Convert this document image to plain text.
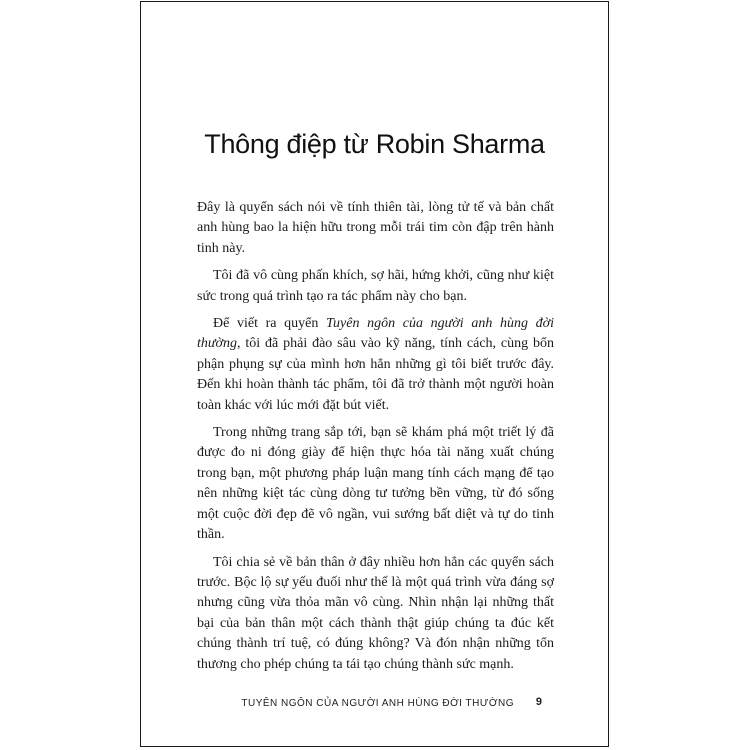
Thông điệp từ Robin Sharma

Đây là quyển sách nói về tính thiên tài, lòng tử tế và bản chất anh hùng bao la hiện hữu trong mỗi trái tim còn đập trên hành tinh này.

Tôi đã vô cùng phấn khích, sợ hãi, hứng khởi, cũng như kiệt sức trong quá trình tạo ra tác phẩm này cho bạn.

Để viết ra quyển Tuyên ngôn của người anh hùng đời thường, tôi đã phải đào sâu vào kỹ năng, tính cách, cùng bổn phận phụng sự của mình hơn hẳn những gì tôi biết trước đây. Đến khi hoàn thành tác phẩm, tôi đã trở thành một người hoàn toàn khác với lúc mới đặt bút viết.

Trong những trang sắp tới, bạn sẽ khám phá một triết lý đã được đo ni đóng giày để hiện thực hóa tài năng xuất chúng trong bạn, một phương pháp luận mang tính cách mạng để tạo nên những kiệt tác cùng dòng tư tưởng bền vững, từ đó sống một cuộc đời đẹp đẽ vô ngần, vui sướng bất diệt và tự do tinh thần.

Tôi chia sẻ về bản thân ở đây nhiều hơn hẳn các quyển sách trước. Bộc lộ sự yếu đuối như thế là một quá trình vừa đáng sợ nhưng cũng vừa thỏa mãn vô cùng. Nhìn nhận lại những thất bại của bản thân một cách thành thật giúp chúng ta đúc kết chúng thành trí tuệ, có đúng không? Và đón nhận những tổn thương cho phép chúng ta tái tạo chúng thành sức mạnh.

TUYÊN NGÔN CỦA NGƯỜI ANH HÙNG ĐỜI THƯỜNG 9
